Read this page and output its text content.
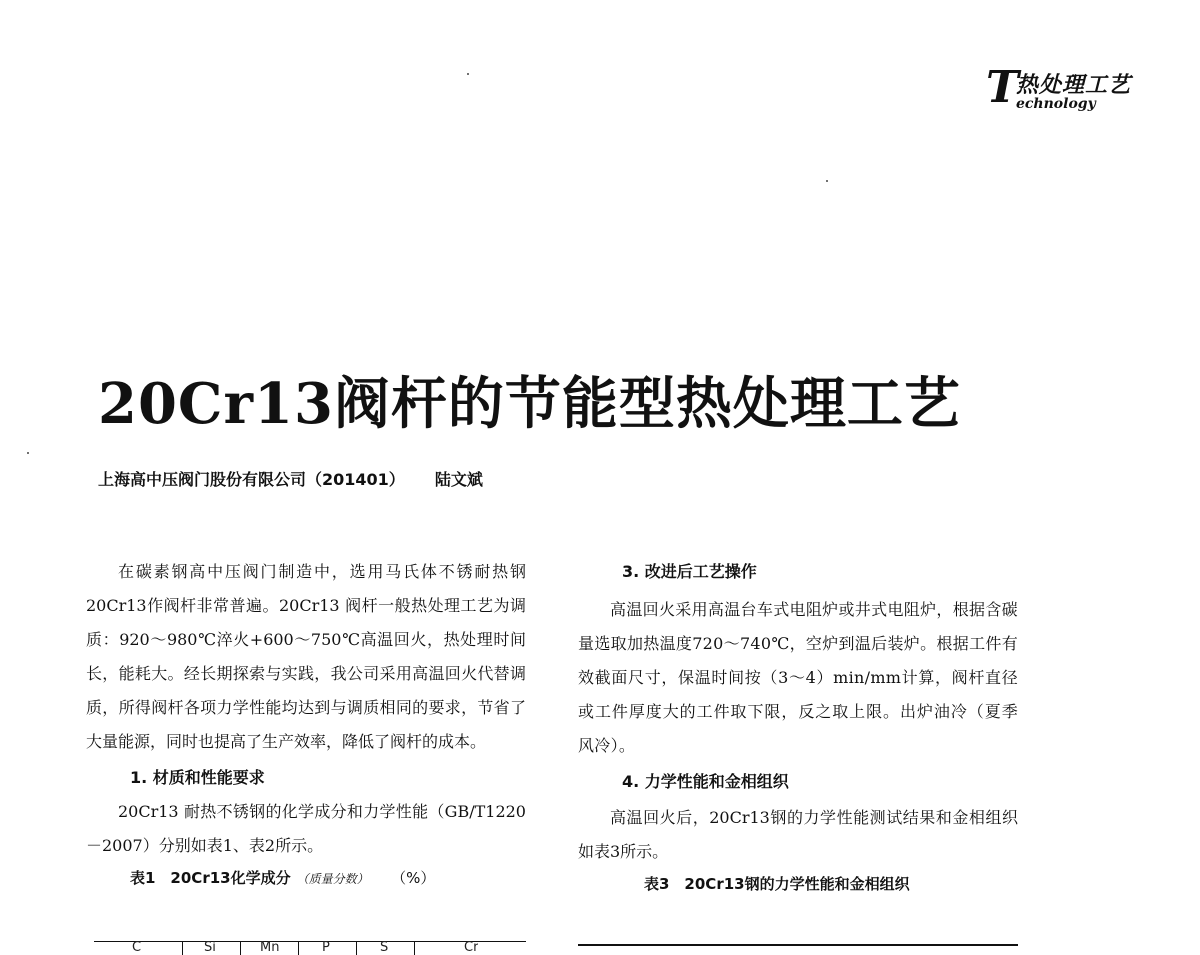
T
热处理工艺
echnology
20Cr13阀杆的节能型热处理工艺
上海高中压阀门股份有限公司（201401） 陆文斌

在碳素钢高中压阀门制造中，选用马氏体不锈耐热钢20Cr13作阀杆非常普遍。20Cr13 阀杆一般热处理工艺为调质：920～980℃淬火+600～750℃高温回火，热处理时间长，能耗大。经长期探索与实践，我公司采用高温回火代替调质，所得阀杆各项力学性能均达到与调质相同的要求，节省了大量能源，同时也提高了生产效率，降低了阀杆的成本。

1. 材质和性能要求

20Cr13 耐热不锈钢的化学成分和力学性能（GB/T1220－2007）分别如表1、表2所示。

表1　20Cr13化学成分 （质量分数） （%）
C	Si	Mn	P	S	Cr

3. 改进后工艺操作

高温回火采用高温台车式电阻炉或井式电阻炉，根据含碳量选取加热温度720～740℃，空炉到温后装炉。根据工件有效截面尺寸，保温时间按（3～4）min/mm计算，阀杆直径或工件厚度大的工件取下限，反之取上限。出炉油冷（夏季风冷）。

4. 力学性能和金相组织

高温回火后，20Cr13钢的力学性能测试结果和金相组织如表3所示。

表3　20Cr13钢的力学性能和金相组织
